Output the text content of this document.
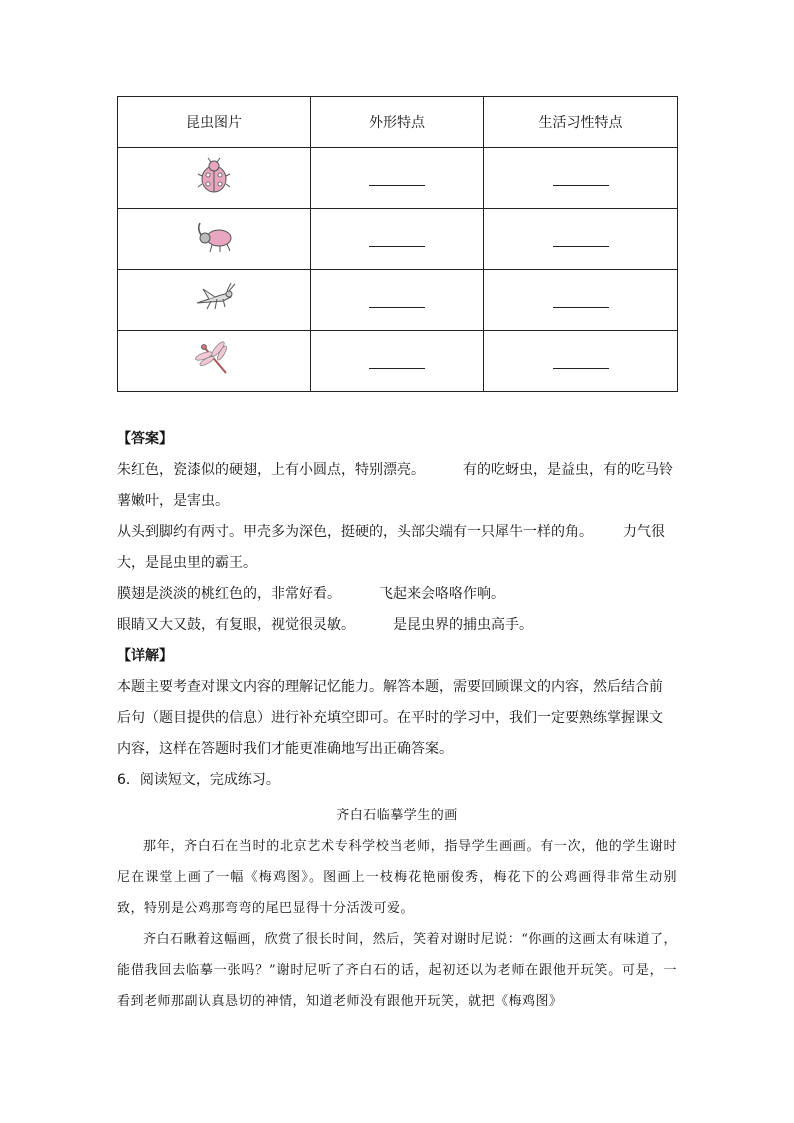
昆虫图片	外形特点	生活习性特点

【答案】

朱红色，瓷漆似的硬翅，上有小圆点，特别漂亮。	有的吃蚜虫，是益虫，有的吃马铃

薯嫩叶，是害虫。

从头到脚约有两寸。甲壳多为深色，挺硬的，头部尖端有一只犀牛一样的角。 力气很

大，是昆虫里的霸王。

膜翅是淡淡的桃红色的，非常好看。	飞起来会咯咯作响。

眼睛又大又鼓，有复眼，视觉很灵敏。	是昆虫界的捕虫高手。

【详解】

本题主要考查对课文内容的理解记忆能力。解答本题，需要回顾课文的内容，然后结合前

后句（题目提供的信息）进行补充填空即可。在平时的学习中，我们一定要熟练掌握课文

内容，这样在答题时我们才能更准确地写出正确答案。

6．阅读短文，完成练习。

齐白石临摹学生的画

那年，齐白石在当时的北京艺术专科学校当老师，指导学生画画。有一次，他的学生谢时尼在课堂上画了一幅《梅鸡图》。图画上一枝梅花艳丽俊秀，梅花下的公鸡画得非常生动别致，特别是公鸡那弯弯的尾巴显得十分活泼可爱。

齐白石瞅着这幅画，欣赏了很长时间，然后，笑着对谢时尼说：“你画的这画太有味道了，能借我回去临摹一张吗？”谢时尼听了齐白石的话，起初还以为老师在跟他开玩笑。可是，一看到老师那副认真恳切的神情，知道老师没有跟他开玩笑，就把《梅鸡图》
